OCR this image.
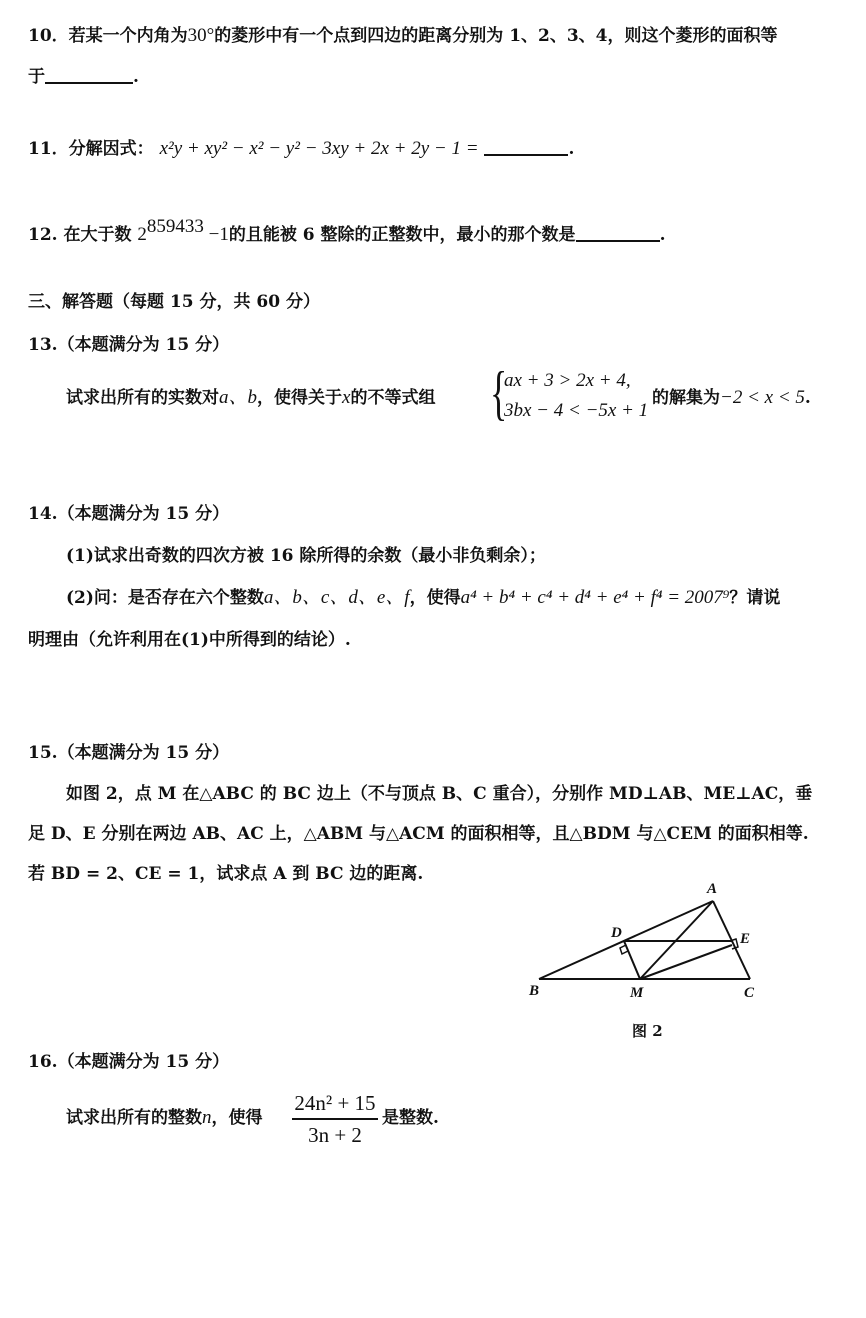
10．若某一个内角为30°的菱形中有一个点到四边的距离分别为 1、2、3、4，则这个菱形的面积等
于	.
11．分解因式： x²y + xy² − x² − y² − 3xy + 2x + 2y − 1 =	.
12. 在大于数 $2^{859433} -1$的且能被 6 整除的正整数中，最小的那个数是	.
三、解答题（每题 15 分，共 60 分）
13.（本题满分为 15 分）
试求出所有的实数对a、b，使得关于x的不等式组 {
ax + 3 > 2x + 4,
3bx − 4 < −5x + 1
的解集为−2 < x < 5.
14.（本题满分为 15 分）
(1)试求出奇数的四次方被 16 除所得的余数（最小非负剩余）；
(2)问：是否存在六个整数a、b、c、d、e、f，使得a⁴ + b⁴ + c⁴ + d⁴ + e⁴ + f⁴ = 2007⁹？请说
明理由（允许利用在(1)中所得到的结论）.
15.（本题满分为 15 分）
如图 2，点 M 在△ABC 的 BC 边上（不与顶点 B、C 重合），分别作 MD⊥AB、ME⊥AC，垂
足 D、E 分别在两边 AB、AC 上，△ABM 与△ACM 的面积相等，且△BDM 与△CEM 的面积相等.
若 BD = 2、CE = 1，试求点 A 到 BC 边的距离.
A
B	C
D	E
M
图 2
16.（本题满分为 15 分）
试求出所有的整数n，使得
24n² + 15
3n + 2
是整数.
